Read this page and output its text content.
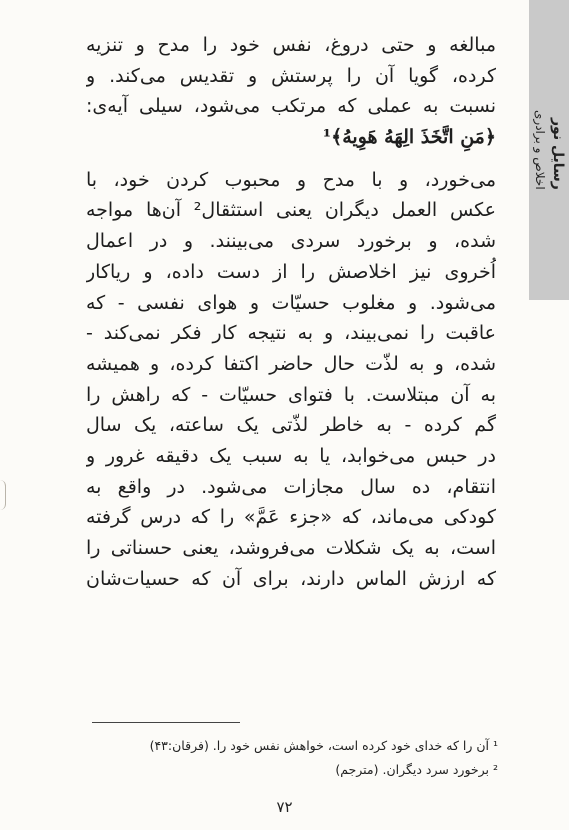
رسایل نور
اخلاص و برادری
مبالغه و حتی دروغ، نفس خود را مدح و تنزیه
کرده، گویا آن را پرستش و تقدیس می‌کند. و
نسبت به عملی که مرتکب می‌شود، سیلی آیه‌ی:
﴿مَنِ اتَّخَذَ الِهَهُ هَوِيهُ﴾¹
می‌خورد، و با مدح و محبوب کردن خود، با
عکس العمل دیگران یعنی استثقال² آن‌ها مواجه
شده، و برخورد سردی می‌بینند. و در اعمال
اُخروی نیز اخلاصش را از دست داده، و ریاکار
می‌شود. و مغلوب حسیّات و هوای نفسی - که
عاقبت را نمی‌بیند، و به نتیجه کار فکر نمی‌کند -
شده، و به لذّت حال حاضر اکتفا کرده، و همیشه
به آن مبتلاست. با فتوای حسیّات - که راهش را
گم کرده - به خاطر لذّتی یک ساعته، یک سال
در حبس می‌خوابد، یا به سبب یک دقیقه غرور و
انتقام، ده سال مجازات می‌شود. در واقع به
کودکی می‌ماند، که «جزء عَمَّ» را که درس گرفته
است، به یک شکلات می‌فروشد، یعنی حسناتی را
که ارزش الماس دارند، برای آن که حسیات‌شان
¹ آن را که خدای خود کرده است، خواهش نفس خود را. (فرقان:۴۳)
² برخورد سرد دیگران. (مترجم)
۷۲
